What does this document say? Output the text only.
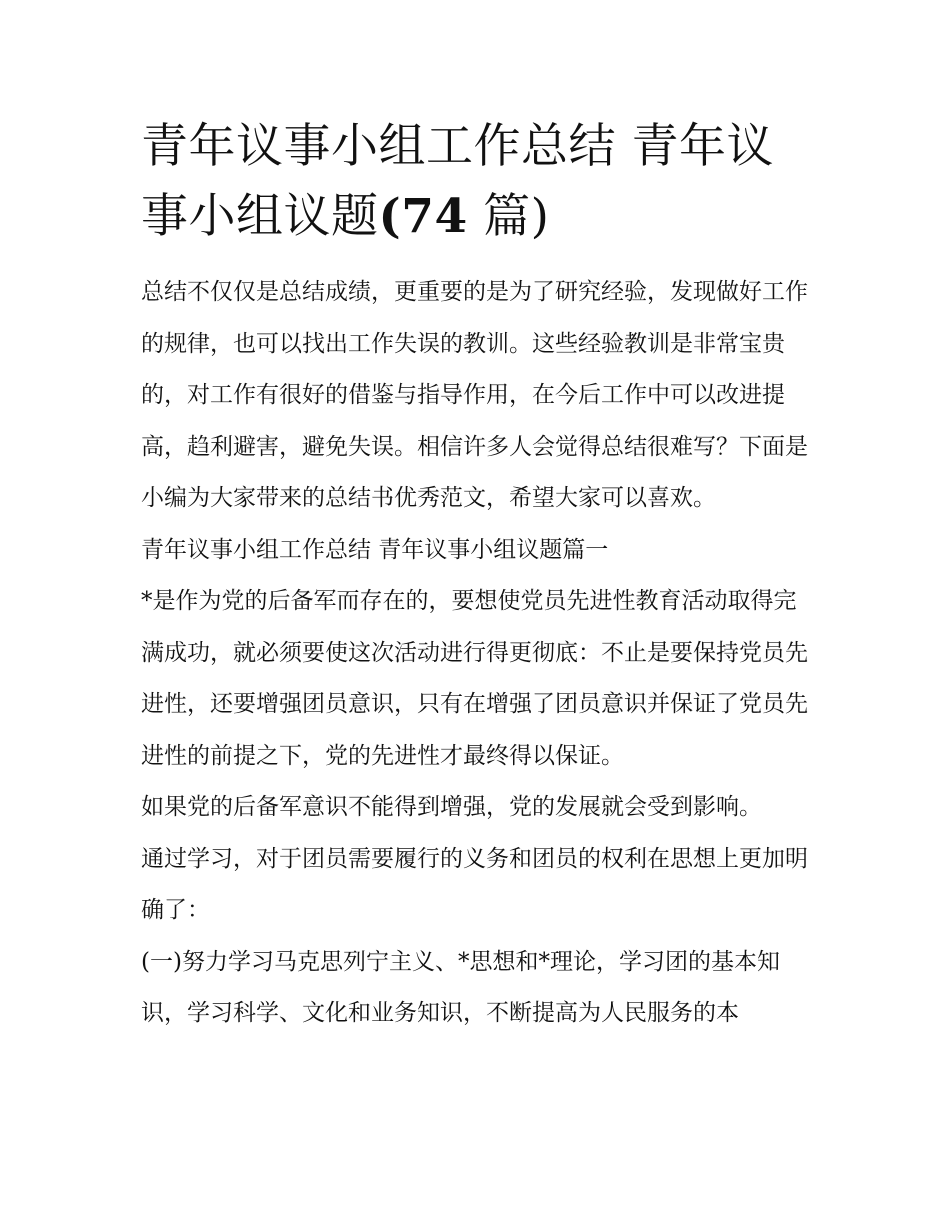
青年议事小组工作总结 青年议事小组议题(74 篇)

总结不仅仅是总结成绩，更重要的是为了研究经验，发现做好工作的规律，也可以找出工作失误的教训。这些经验教训是非常宝贵的，对工作有很好的借鉴与指导作用，在今后工作中可以改进提高，趋利避害，避免失误。相信许多人会觉得总结很难写？下面是小编为大家带来的总结书优秀范文，希望大家可以喜欢。

青年议事小组工作总结 青年议事小组议题篇一

*是作为党的后备军而存在的，要想使党员先进性教育活动取得完满成功，就必须要使这次活动进行得更彻底：不止是要保持党员先进性，还要增强团员意识，只有在增强了团员意识并保证了党员先进性的前提之下，党的先进性才最终得以保证。

如果党的后备军意识不能得到增强，党的发展就会受到影响。

通过学习，对于团员需要履行的义务和团员的权利在思想上更加明确了：

(一)努力学习马克思列宁主义、*思想和*理论，学习团的基本知识，学习科学、文化和业务知识，不断提高为人民服务的本
